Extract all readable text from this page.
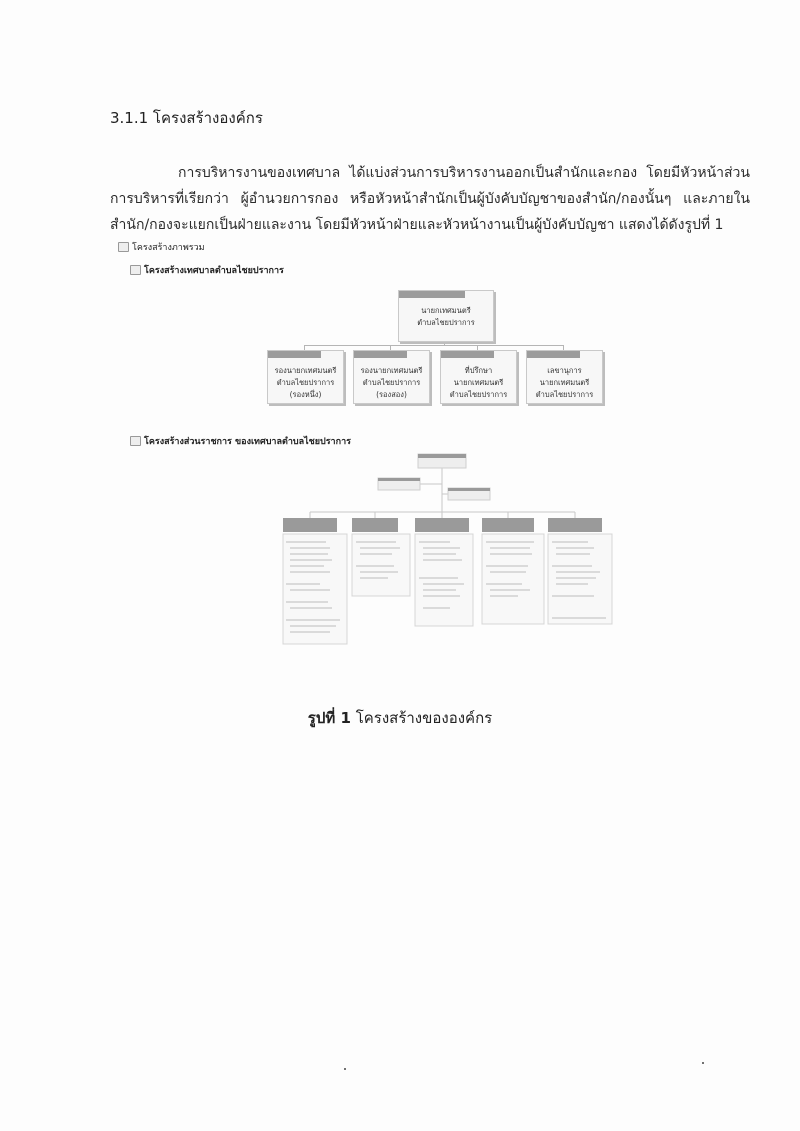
3.1.1 โครงสร้างองค์กร
การบริหารงานของเทศบาล ได้แบ่งส่วนการบริหารงานออกเป็นสำนักและกอง โดยมีหัวหน้าส่วนการบริหารที่เรียกว่า ผู้อำนวยการกอง หรือหัวหน้าสำนักเป็นผู้บังคับบัญชาของสำนัก/กองนั้นๆ และภายในสำนัก/กองจะแยกเป็นฝ่ายและงาน โดยมีหัวหน้าฝ่ายและหัวหน้างานเป็นผู้บังคับบัญชา แสดงได้ดังรูปที่ 1
โครงสร้างภาพรวม
โครงสร้างเทศบาลตำบลไชยปราการ
นายกเทศมนตรี
ตำบลไชยปราการ
รองนายกเทศมนตรี
ตำบลไชยปราการ
(รองหนึ่ง)
รองนายกเทศมนตรี
ตำบลไชยปราการ
(รองสอง)
ที่ปรึกษา
นายกเทศมนตรี
ตำบลไชยปราการ
เลขานุการ
นายกเทศมนตรี
ตำบลไชยปราการ
โครงสร้างส่วนราชการ ของเทศบาลตำบลไชยปราการ
รูปที่ 1 โครงสร้างขององค์กร
